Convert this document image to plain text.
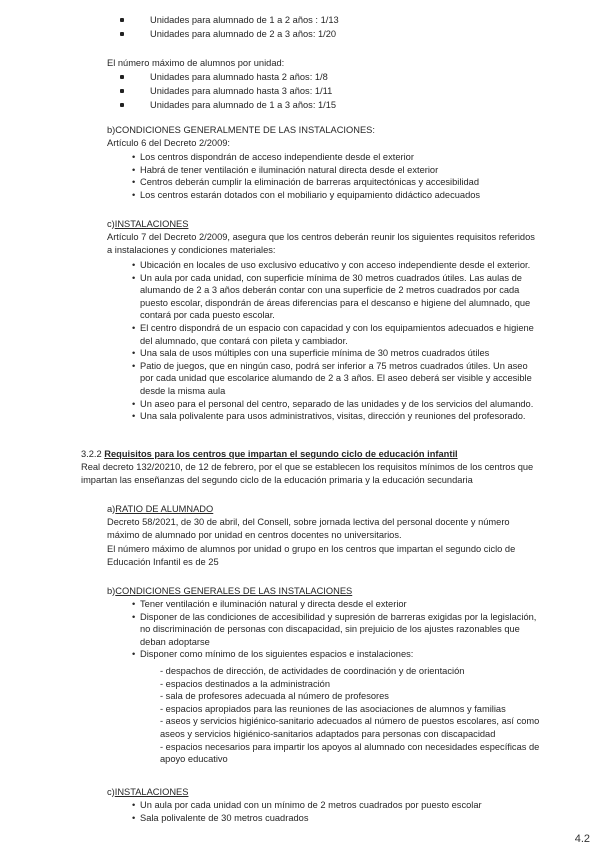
Unidades para alumnado de 1 a 2 años : 1/13
Unidades para alumnado de 2 a 3 años: 1/20

El número máximo de alumnos por unidad:

Unidades para alumnado hasta 2 años: 1/8
Unidades para alumnado hasta 3 años: 1/11
Unidades para alumnado de 1 a 3 años: 1/15

b)CONDICIONES GENERALMENTE DE LAS INSTALACIONES:

Artículo 6 del Decreto 2/2009:

• Los centros dispondrán de acceso independiente desde el exterior
• Habrá de tener ventilación e iluminación natural directa desde el exterior
• Centros deberán cumplir la eliminación de barreras arquitectónicas y accesibilidad
• Los centros estarán dotados con el mobiliario y equipamiento didáctico adecuados

c)INSTALACIONES

Artículo 7 del Decreto 2/2009, asegura que los centros deberán reunir los siguientes requisitos referidos a instalaciones y condiciones materiales:

• Ubicación en locales de uso exclusivo educativo y con acceso independiente desde el exterior.
• Un aula por cada unidad, con superficie mínima de 30 metros cuadrados útiles. Las aulas de alumando de 2 a 3 años deberán contar con una superficie de 2 metros cuadrados por cada puesto escolar, dispondrán de áreas diferencias para el descanso e higiene del alumnado, que contará por cada puesto escolar.
• El centro dispondrá de un espacio con capacidad y con los equipamientos adecuados e higiene del alumnado, que contará con pileta y cambiador.
• Una sala de usos múltiples con una superficie mínima de 30 metros cuadrados útiles
• Patio de juegos, que en ningún caso, podrá ser inferior a 75 metros cuadrados útiles. Un aseo por cada unidad que escolarice alumando de 2 a 3 años. El aseo deberá ser visible y accesible desde la misma aula
• Un aseo para el personal del centro, separado de las unidades y de los servicios del alumando.
• Una sala polivalente para usos administrativos, visitas, dirección y reuniones del profesorado.

3.2.2 Requisitos para los centros que impartan el segundo ciclo de educación infantil

Real decreto 132/20210, de 12 de febrero, por el que se establecen los requisitos mínimos de los centros que impartan las enseñanzas del segundo ciclo de la educación primaria y la educación secundaria

a)RATIO DE ALUMNADO

Decreto 58/2021, de 30 de abril, del Consell, sobre jornada lectiva del personal docente y número máximo de alumnado por unidad en centros docentes no universitarios.

El número máximo de alumnos por unidad o grupo en los centros que impartan el segundo ciclo de Educación Infantil es de 25

b)CONDICIONES GENERALES DE LAS INSTALACIONES

• Tener ventilación e iluminación natural y directa desde el exterior
• Disponer de las condiciones de accesibilidad y supresión de barreras exigidas por la legislación, no discriminación de personas con discapacidad, sin prejuicio de los ajustes razonables que deban adoptarse
• Disponer como mínimo de los siguientes espacios e instalaciones:
- despachos de dirección, de actividades de coordinación y de orientación
- espacios destinados a la administración
- sala de profesores adecuada al número de profesores
- espacios apropiados para las reuniones de las asociaciones de alumnos y familias
- aseos y servicios higiénico-sanitario adecuados al número de puestos escolares, así como aseos y servicios higiénico-sanitarios adaptados para personas con discapacidad
- espacios necesarios para impartir los apoyos al alumnado con necesidades específicas de apoyo educativo

c)INSTALACIONES

• Un aula por cada unidad con un mínimo de 2 metros cuadrados por puesto escolar
• Sala polivalente de 30 metros cuadrados
4.2
